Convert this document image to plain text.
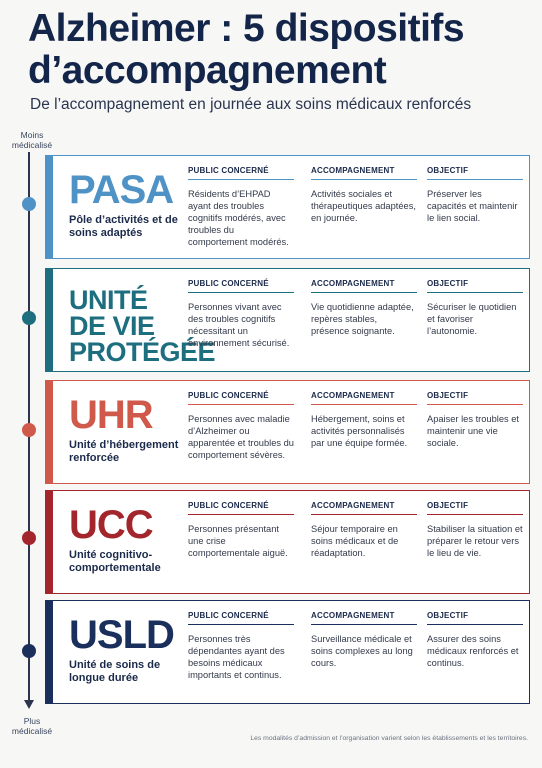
Alzheimer : 5 dispositifs
d’accompagnement
De l’accompagnement en journée aux soins médicaux renforcés
Moins
médicalisé
Plus
médicalisé
PASA
Pôle d’activités et de soins adaptés
PUBLIC CONCERNÉ
Résidents d’EHPAD ayant des troubles cognitifs modérés, avec troubles du comportement modérés.
ACCOMPAGNEMENT
Activités sociales et thérapeutiques adaptées, en journée.
OBJECTIF
Préserver les capacités et maintenir le lien social.
UNITÉ
DE VIE
PROTÉGÉE
PUBLIC CONCERNÉ
Personnes vivant avec des troubles cognitifs nécessitant un environnement sécurisé.
ACCOMPAGNEMENT
Vie quotidienne adaptée, repères stables, présence soignante.
OBJECTIF
Sécuriser le quotidien et favoriser l’autonomie.
UHR
Unité d’hébergement renforcée
PUBLIC CONCERNÉ
Personnes avec maladie d’Alzheimer ou apparentée et troubles du comportement sévères.
ACCOMPAGNEMENT
Hébergement, soins et activités personnalisés par une équipe formée.
OBJECTIF
Apaiser les troubles et maintenir une vie sociale.
UCC
Unité cognitivo-comportementale
PUBLIC CONCERNÉ
Personnes présentant une crise comportementale aiguë.
ACCOMPAGNEMENT
Séjour temporaire en soins médicaux et de réadaptation.
OBJECTIF
Stabiliser la situation et préparer le retour vers le lieu de vie.
USLD
Unité de soins de longue durée
PUBLIC CONCERNÉ
Personnes très dépendantes ayant des besoins médicaux importants et continus.
ACCOMPAGNEMENT
Surveillance médicale et soins complexes au long cours.
OBJECTIF
Assurer des soins médicaux renforcés et continus.
Les modalités d’admission et l’organisation varient selon les établissements et les territoires.
